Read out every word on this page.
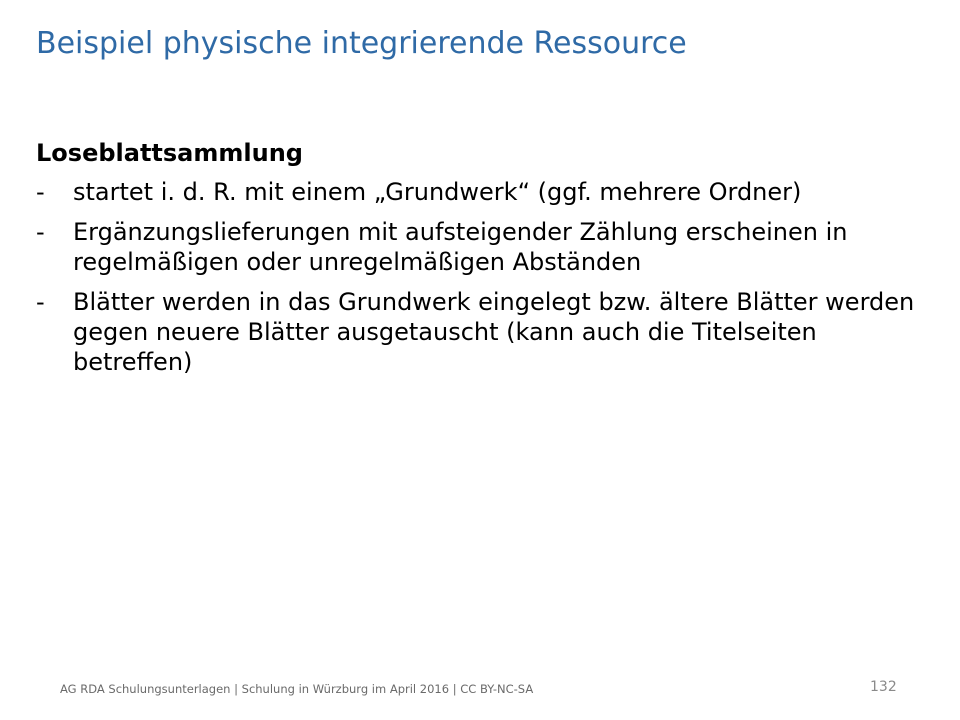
Beispiel physische integrierende Ressource
Loseblattsammlung
-	startet i. d. R. mit einem „Grundwerk“ (ggf. mehrere Ordner)
-	Ergänzungslieferungen mit aufsteigender Zählung erscheinen in regelmäßigen oder unregelmäßigen Abständen
-	Blätter werden in das Grundwerk eingelegt bzw. ältere Blätter werden gegen neuere Blätter ausgetauscht (kann auch die Titelseiten betreffen)
AG RDA Schulungsunterlagen | Schulung in Würzburg im April 2016 | CC BY-NC-SA	132
